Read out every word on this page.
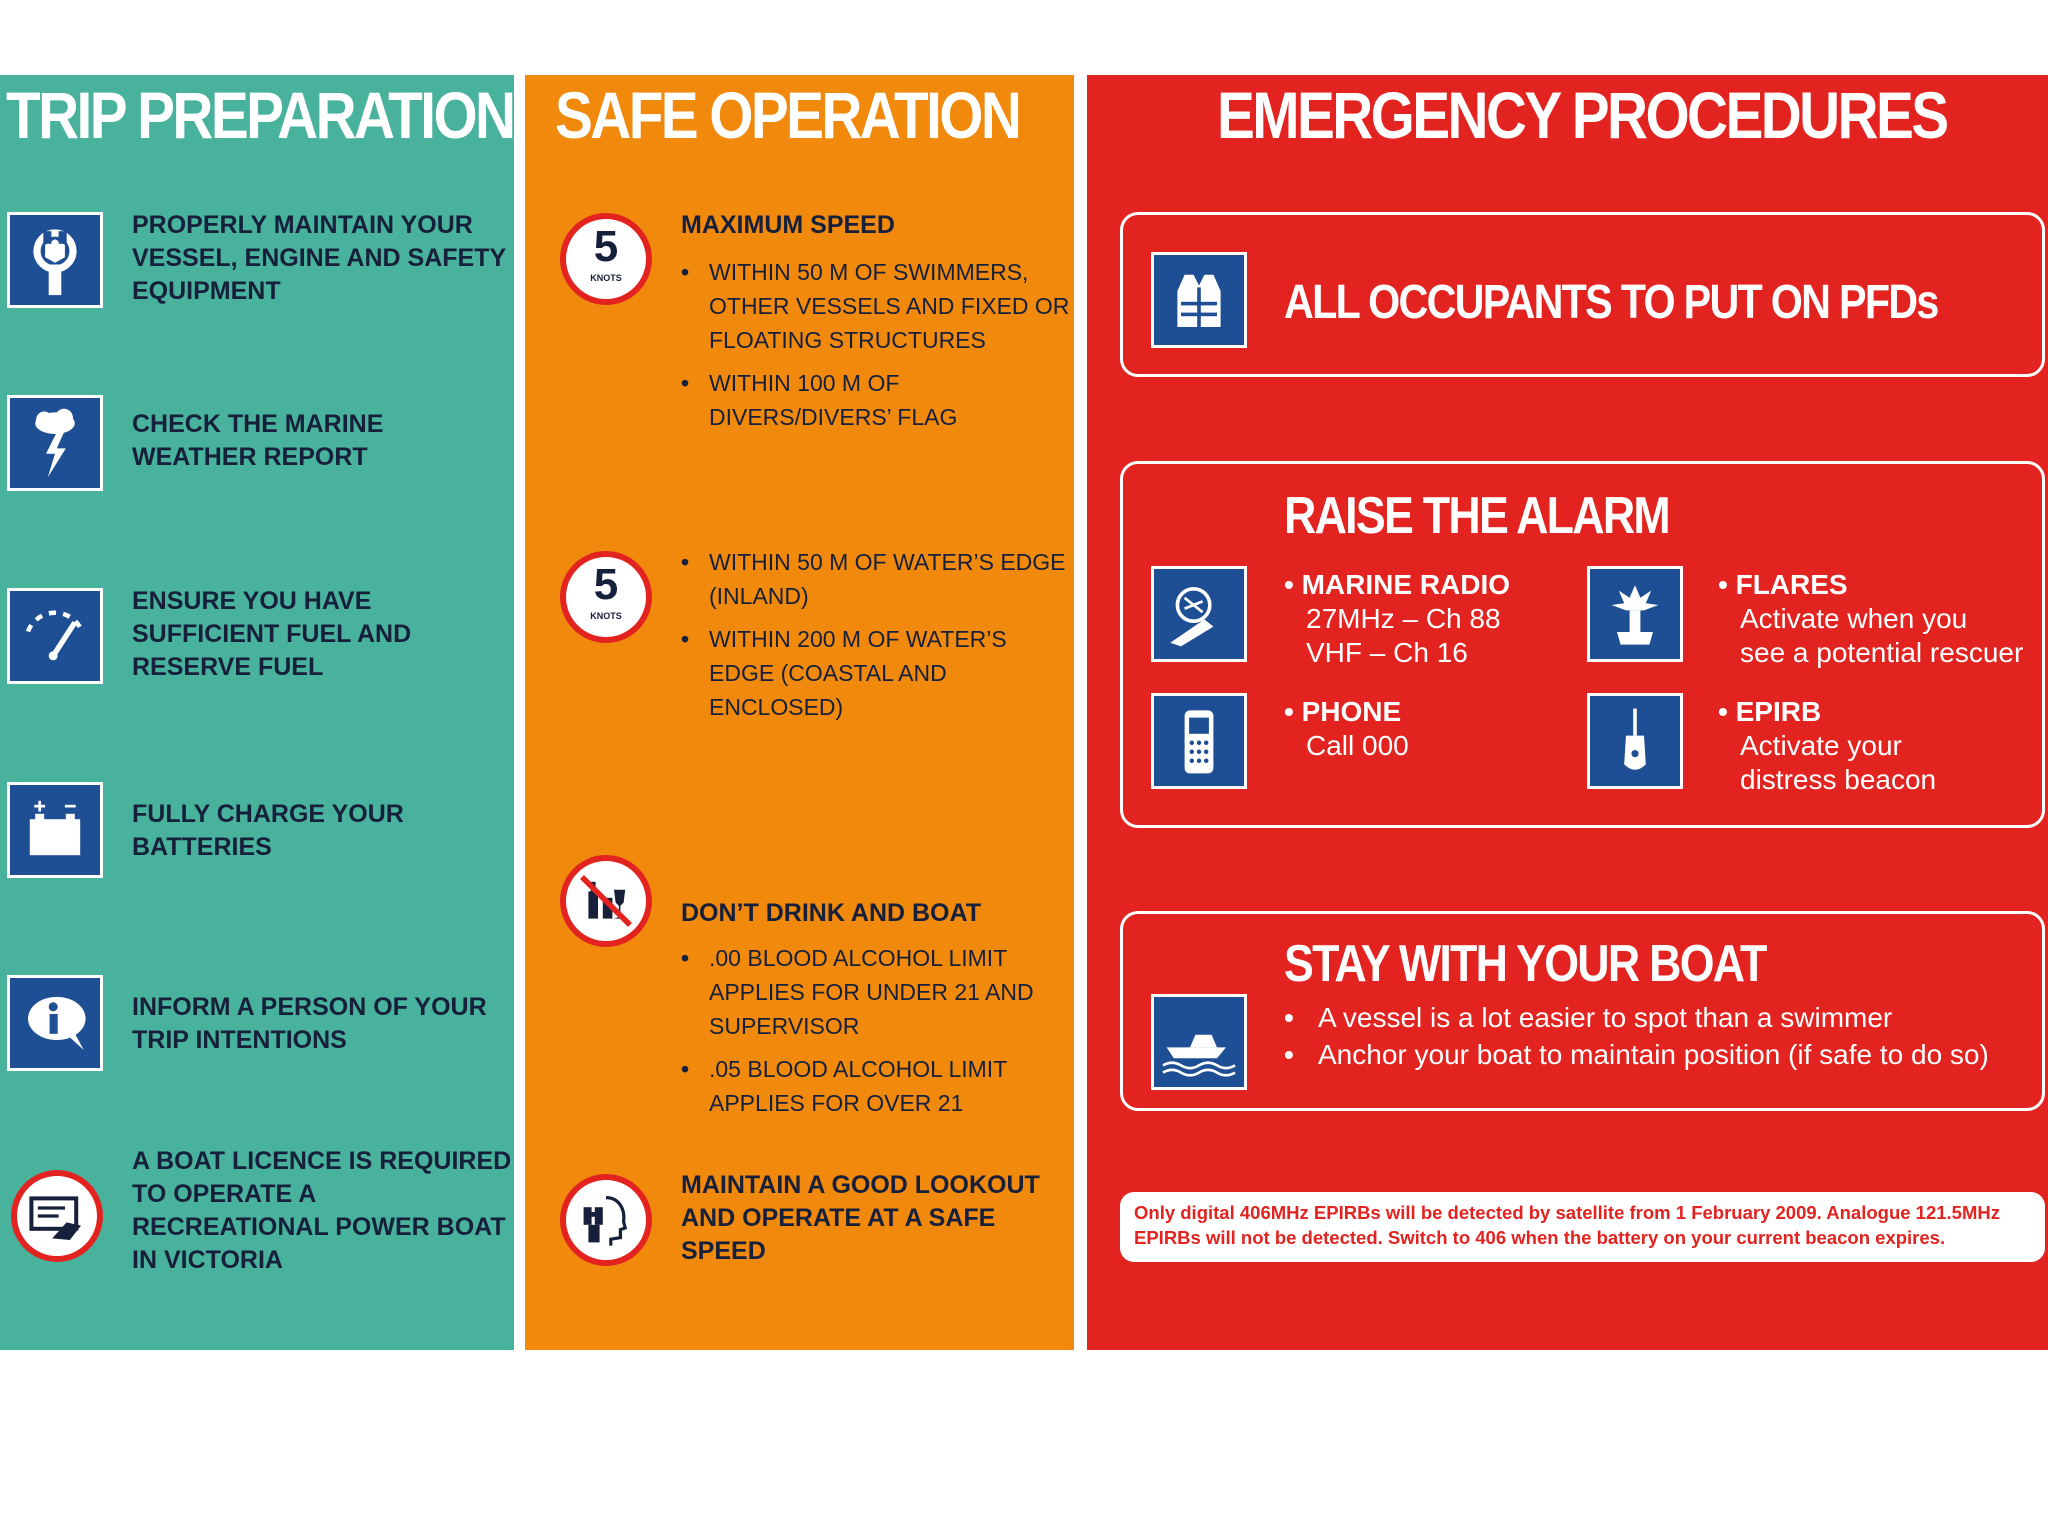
TRIP PREPARATION
PROPERLY MAINTAIN YOUR VESSEL, ENGINE AND SAFETY EQUIPMENT
CHECK THE MARINE WEATHER REPORT
ENSURE YOU HAVE SUFFICIENT FUEL AND RESERVE FUEL
FULLY CHARGE YOUR BATTERIES
INFORM A PERSON OF YOUR TRIP INTENTIONS
A BOAT LICENCE IS REQUIRED TO OPERATE A RECREATIONAL POWER BOAT IN VICTORIA
SAFE OPERATION
5
KNOTS
MAXIMUM SPEED
• WITHIN 50 M OF SWIMMERS, OTHER VESSELS AND FIXED OR FLOATING STRUCTURES
• WITHIN 100 M OF DIVERS/DIVERS’ FLAG
5
KNOTS
• WITHIN 50 M OF WATER’S EDGE (INLAND)
• WITHIN 200 M OF WATER’S EDGE (COASTAL AND ENCLOSED)
DON’T DRINK AND BOAT
• .00 BLOOD ALCOHOL LIMIT APPLIES FOR UNDER 21 AND SUPERVISOR
• .05 BLOOD ALCOHOL LIMIT APPLIES FOR OVER 21
MAINTAIN A GOOD LOOKOUT AND OPERATE AT A SAFE SPEED
EMERGENCY PROCEDURES
ALL OCCUPANTS TO PUT ON PFDs
RAISE THE ALARM
• MARINE RADIO
27MHz – Ch 88
VHF – Ch 16
• FLARES
Activate when you
see a potential rescuer
• PHONE
Call 000
• EPIRB
Activate your
distress beacon
STAY WITH YOUR BOAT
• A vessel is a lot easier to spot than a swimmer
• Anchor your boat to maintain position (if safe to do so)
Only digital 406MHz EPIRBs will be detected by satellite from 1 February 2009. Analogue 121.5MHz EPIRBs will not be detected. Switch to 406 when the battery on your current beacon expires.
